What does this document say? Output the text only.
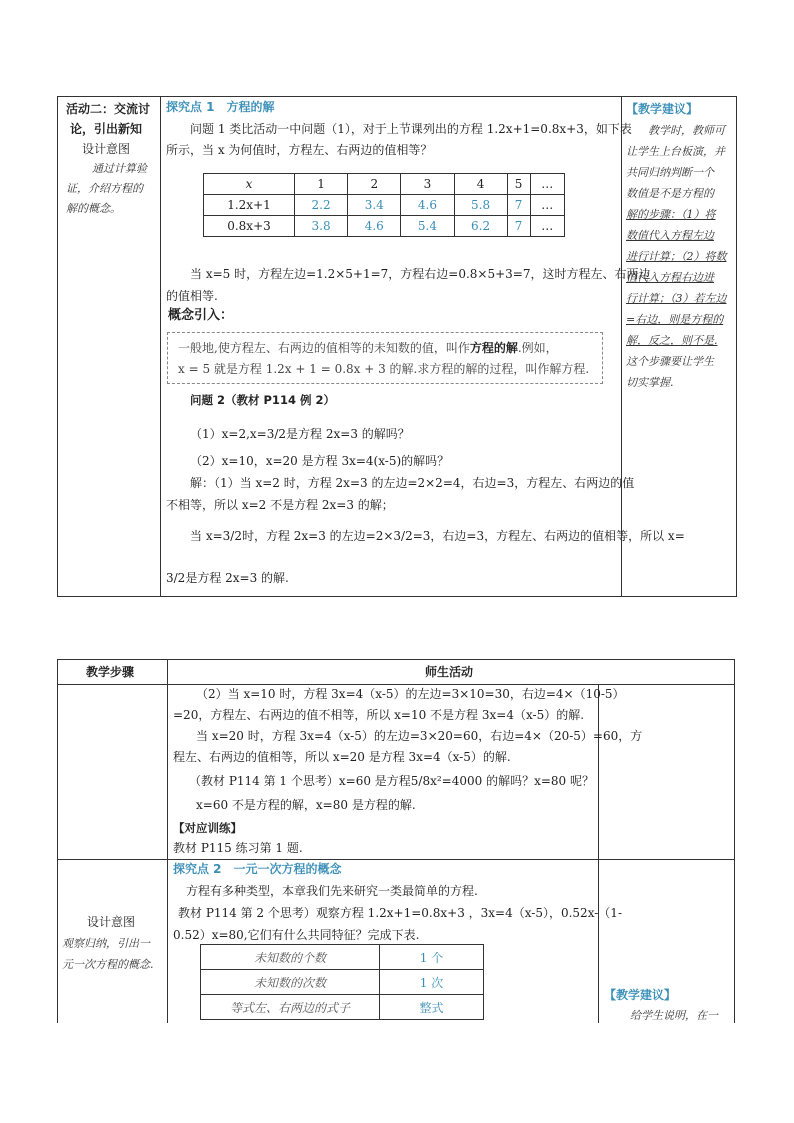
活动二：交流讨
论，引出新知
设计意图
通过计算验
证，介绍方程的
解的概念。
探究点 1　方程的解
问题 1 类比活动一中问题（1），对于上节课列出的方程 1.2x+1=0.8x+3，如下表
所示，当 x 为何值时，方程左、右两边的值相等？
x	1	2	3	4	5	…
1.2x+1	2.2	3.4	4.6	5.8	7	…
0.8x+3	3.8	4.6	5.4	6.2	7	…
当 x=5 时，方程左边=1.2×5+1=7，方程右边=0.8×5+3=7，这时方程左、右两边
的值相等.
概念引入：
一般地,使方程左、右两边的值相等的未知数的值，叫作方程的解.例如，
x = 5 就是方程 1.2x + 1 = 0.8x + 3 的解.求方程的解的过程，叫作解方程.
问题 2（教材 P114 例 2）
（1）x=2,x=3/2是方程 2x=3 的解吗？
（2）x=10，x=20 是方程 3x=4(x-5)的解吗？
解：（1）当 x=2 时，方程 2x=3 的左边=2×2=4，右边=3，方程左、右两边的值
不相等，所以 x=2 不是方程 2x=3 的解；
当 x=3/2时，方程 2x=3 的左边=2×3/2=3，右边=3，方程左、右两边的值相等，所以 x=
3/2是方程 2x=3 的解.
【教学建议】
教学时，教师可
让学生上台板演，并
共同归纳判断一个
数值是不是方程的
解的步骤：（1）将
数值代入方程左边
进行计算；（2）将数
值代入方程右边进
行计算；（3）若左边
=右边，则是方程的
解，反之，则不是.
这个步骤要让学生
切实掌握.
教学步骤	师生活动
（2）当 x=10 时，方程 3x=4（x-5）的左边=3×10=30，右边=4×（10-5）
=20，方程左、右两边的值不相等，所以 x=10 不是方程 3x=4（x-5）的解.
当 x=20 时，方程 3x=4（x-5）的左边=3×20=60，右边=4×（20-5）=60，方
程左、右两边的值相等，所以 x=20 是方程 3x=4（x-5）的解.
（教材 P114 第 1 个思考）x=60 是方程5/8x²=4000 的解吗？x=80 呢？
x=60 不是方程的解，x=80 是方程的解.
【对应训练】
教材 P115 练习第 1 题.
设计意图
观察归纳，引出一
元一次方程的概念.
探究点 2　一元一次方程的概念
方程有多种类型，本章我们先来研究一类最简单的方程.
教材 P114 第 2 个思考）观察方程 1.2x+1=0.8x+3 ，3x=4（x-5），0.52x-（1-
0.52）x=80,它们有什么共同特征？完成下表.
未知数的个数	1 个
未知数的次数	1 次
等式左、右两边的式子	整式
【教学建议】
给学生说明，在一
